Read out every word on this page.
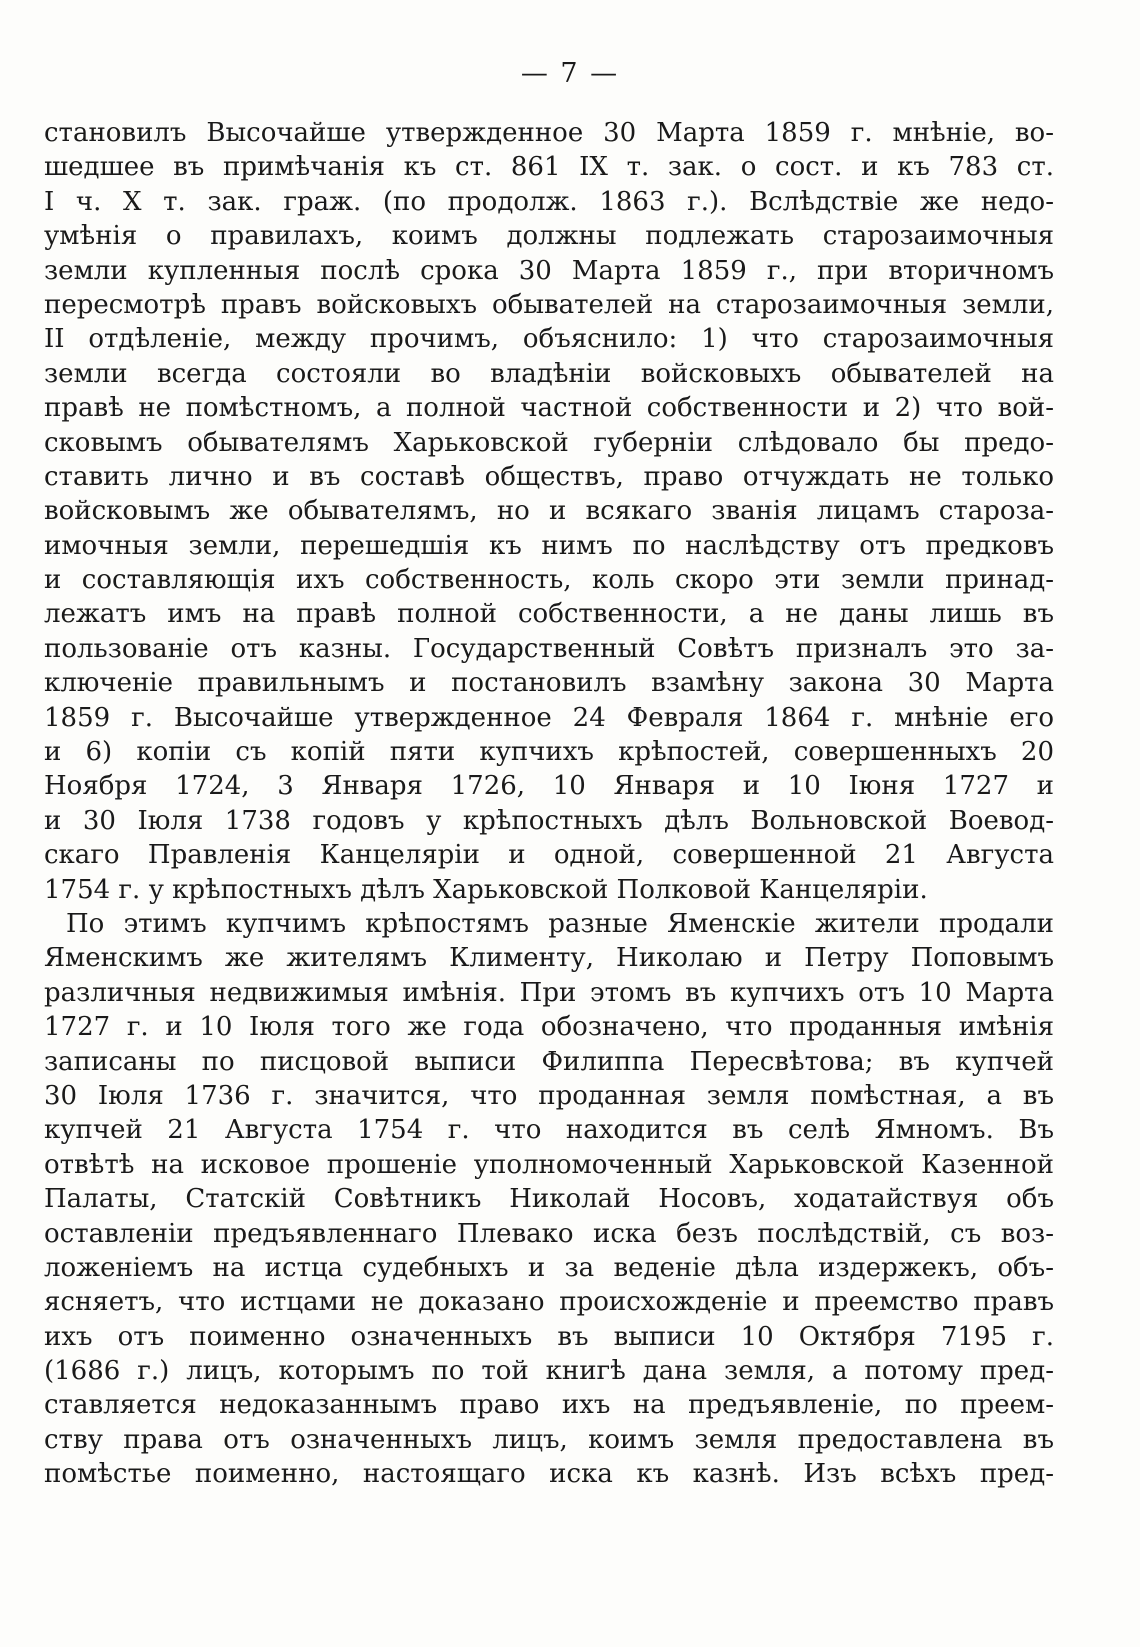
— 7 —
становилъ Высочайше утвержденное 30 Марта 1859 г. мнѣніе, во-
шедшее въ примѣчанія къ ст. 861 IX т. зак. о сост. и къ 783 ст.
I ч. X т. зак. граж. (по продолж. 1863 г.). Вслѣдствіе же недо-
умѣнія о правилахъ, коимъ должны подлежать старозаимочныя
земли купленныя послѣ срока 30 Марта 1859 г., при вторичномъ
пересмотрѣ правъ войсковыхъ обывателей на старозаимочныя земли,
II отдѣленіе, между прочимъ, объяснило: 1) что старозаимочныя
земли всегда состояли во владѣніи войсковыхъ обывателей на
правѣ не помѣстномъ, а полной частной собственности и 2) что вой-
сковымъ обывателямъ Харьковской губерніи слѣдовало бы предо-
ставить лично и въ составѣ обществъ, право отчуждать не только
войсковымъ же обывателямъ, но и всякаго званія лицамъ староза-
имочныя земли, перешедшія къ нимъ по наслѣдству отъ предковъ
и составляющія ихъ собственность, коль скоро эти земли принад-
лежатъ имъ на правѣ полной собственности, а не даны лишь въ
пользованіе отъ казны. Государственный Совѣтъ призналъ это за-
ключеніе правильнымъ и постановилъ взамѣну закона 30 Марта
1859 г. Высочайше утвержденное 24 Февраля 1864 г. мнѣніе его
и 6) копіи съ копій пяти купчихъ крѣпостей, совершенныхъ 20
Ноября 1724, 3 Января 1726, 10 Января и 10 Іюня 1727 и
и 30 Іюля 1738 годовъ у крѣпостныхъ дѣлъ Вольновской Воевод-
скаго Правленія Канцеляріи и одной, совершенной 21 Августа
1754 г. у крѣпостныхъ дѣлъ Харьковской Полковой Канцеляріи.
По этимъ купчимъ крѣпостямъ разные Яменскіе жители продали
Яменскимъ же жителямъ Клименту, Николаю и Петру Поповымъ
различныя недвижимыя имѣнія. При этомъ въ купчихъ отъ 10 Марта
1727 г. и 10 Іюля того же года обозначено, что проданныя имѣнія
записаны по писцовой выписи Филиппа Пересвѣтова; въ купчей
30 Іюля 1736 г. значится, что проданная земля помѣстная, а въ
купчей 21 Августа 1754 г. что находится въ селѣ Ямномъ. Въ
отвѣтѣ на исковое прошеніе уполномоченный Харьковской Казенной
Палаты, Статскій Совѣтникъ Николай Носовъ, ходатайствуя объ
оставленіи предъявленнаго Плевако иска безъ послѣдствій, съ воз-
ложеніемъ на истца судебныхъ и за веденіе дѣла издержекъ, объ-
ясняетъ, что истцами не доказано происхожденіе и преемство правъ
ихъ отъ поименно означенныхъ въ выписи 10 Октября 7195 г.
(1686 г.) лицъ, которымъ по той книгѣ дана земля, а потому пред-
ставляется недоказаннымъ право ихъ на предъявленіе, по преем-
ству права отъ означенныхъ лицъ, коимъ земля предоставлена въ
помѣстье поименно, настоящаго иска къ казнѣ. Изъ всѣхъ пред-
